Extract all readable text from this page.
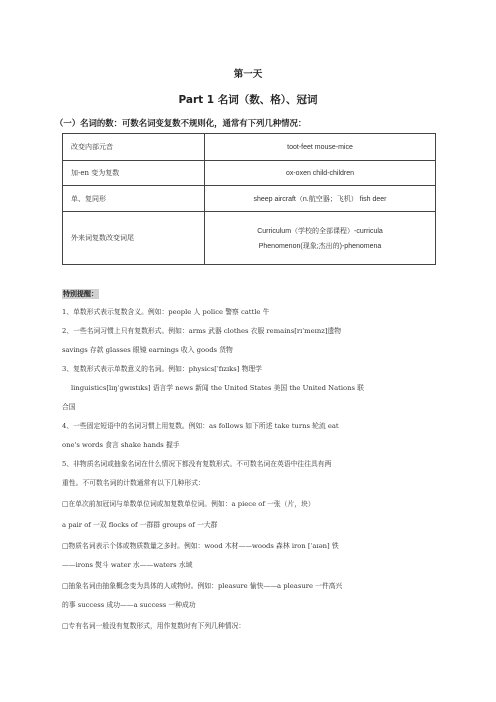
第一天
Part 1 名词（数、格）、冠词
（一）名词的数：可数名词变复数不规则化，通常有下列几种情况：
改变内部元音	toot-feet mouse-mice
加-en 变为复数	ox-oxen child-children
单、复同形	sheep aircraft（n.航空器；飞机） fish deer
外来词复数改变词尾	Curriculum（学校的全部课程）-curricula
Phenomenon(现象;杰出的)-phenomena
特别提醒：
1、单数形式表示复数含义。例如：people 人 police 警察 cattle 牛
2、一些名词习惯上只有复数形式。例如：arms 武器 clothes 衣服 remains[rɪˈmeɪnz]遗物
savings 存款 glasses 眼镜 earnings 收入 goods 货物
3、复数形式表示单数意义的名词。例如：physics[ˈfɪzɪks] 物理学
linguistics[lɪŋˈgwɪstɪks] 语言学 news 新闻 the United States 美国 the United Nations 联
合国
4、一些固定短语中的名词习惯上用复数。例如：as follows 如下所述 take turns 轮流 eat
one's words 食言 shake hands 握手
5、非物质名词或抽象名词在什么情况下都没有复数形式。不可数名词在英语中往往具有两
重性。不可数名词的计数通常有以下几种形式：
□在单次前加冠词与单数单位词或加复数单位词。例如：a piece of 一张（片，块）
a pair of 一双 flocks of 一群群 groups of 一大群
□物质名词表示个体或物质数量之多时。例如：wood 木材——woods 森林 iron [ˈaɪən] 铁
——irons 熨斗 water 水——waters 水域
□抽象名词由抽象概念变为具体的人或物时。例如：pleasure 愉快——a pleasure 一件高兴
的事 success 成功——a success 一种成功
□专有名词一般没有复数形式，用作复数时有下列几种情况：
